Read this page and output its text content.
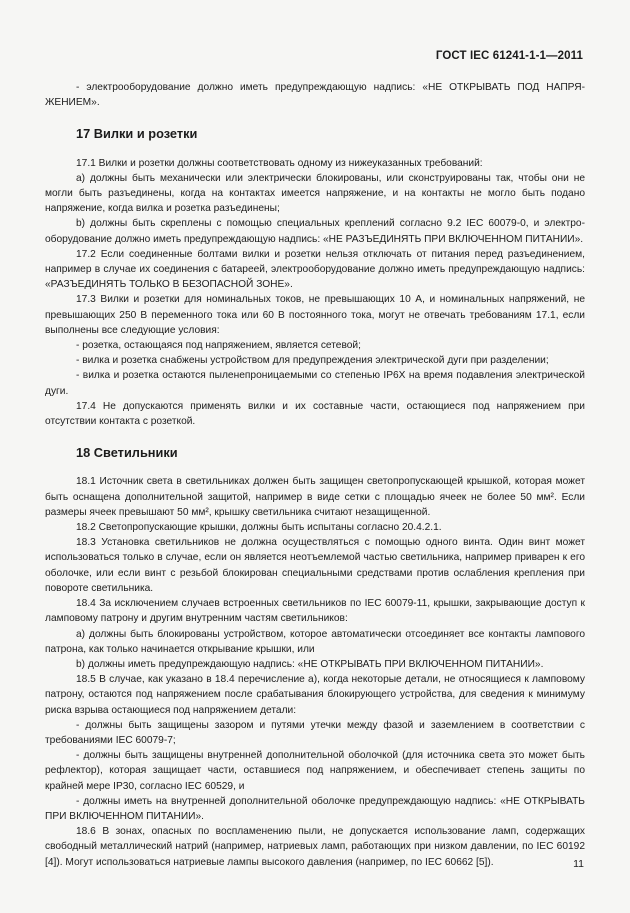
ГОСТ IEC 61241-1-1—2011

- электрооборудование должно иметь предупреждающую надпись: «НЕ ОТКРЫВАТЬ ПОД НАПРЯЖЕНИЕМ».

17 Вилки и розетки

17.1 Вилки и розетки должны соответствовать одному из нижеуказанных требований:

а) должны быть механически или электрически блокированы, или сконструированы так, чтобы они не могли быть разъединены, когда на контактах имеется напряжение, и на контакты не могло быть подано напряжение, когда вилка и розетка разъединены;

b) должны быть скреплены с помощью специальных креплений согласно 9.2 IEC 60079-0, и электрооборудование должно иметь предупреждающую надпись: «НЕ РАЗЪЕДИНЯТЬ ПРИ ВКЛЮЧЕННОМ ПИТАНИИ».

17.2 Если соединенные болтами вилки и розетки нельзя отключать от питания перед разъединением, например в случае их соединения с батареей, электрооборудование должно иметь предупреждающую надпись: «РАЗЪЕДИНЯТЬ ТОЛЬКО В БЕЗОПАСНОЙ ЗОНЕ».

17.3 Вилки и розетки для номинальных токов, не превышающих 10 А, и номинальных напряжений, не превышающих 250 В переменного тока или 60 В постоянного тока, могут не отвечать требованиям 17.1, если выполнены все следующие условия:

- розетка, остающаяся под напряжением, является сетевой;

- вилка и розетка снабжены устройством для предупреждения электрической дуги при разделении;

- вилка и розетка остаются пыленепроницаемыми со степенью IP6X на время подавления электрической дуги.

17.4 Не допускаются применять вилки и их составные части, остающиеся под напряжением при отсутствии контакта с розеткой.

18 Светильники

18.1 Источник света в светильниках должен быть защищен светопропускающей крышкой, которая может быть оснащена дополнительной защитой, например в виде сетки с площадью ячеек не более 50 мм². Если размеры ячеек превышают 50 мм², крышку светильника считают незащищенной.

18.2 Светопропускающие крышки, должны быть испытаны согласно 20.4.2.1.

18.3 Установка светильников не должна осуществляться с помощью одного винта. Один винт может использоваться только в случае, если он является неотъемлемой частью светильника, например приварен к его оболочке, или если винт с резьбой блокирован специальными средствами против ослабления крепления при повороте светильника.

18.4 За исключением случаев встроенных светильников по IEC 60079-11, крышки, закрывающие доступ к ламповому патрону и другим внутренним частям светильников:

а) должны быть блокированы устройством, которое автоматически отсоединяет все контакты лампового патрона, как только начинается открывание крышки, или

b) должны иметь предупреждающую надпись: «НЕ ОТКРЫВАТЬ ПРИ ВКЛЮЧЕННОМ ПИТАНИИ».

18.5 В случае, как указано в 18.4 перечисление а), когда некоторые детали, не относящиеся к ламповому патрону, остаются под напряжением после срабатывания блокирующего устройства, для сведения к минимуму риска взрыва остающиеся под напряжением детали:

- должны быть защищены зазором и путями утечки между фазой и заземлением в соответствии с требованиями IEC 60079-7;

- должны быть защищены внутренней дополнительной оболочкой (для источника света это может быть рефлектор), которая защищает части, оставшиеся под напряжением, и обеспечивает степень защиты по крайней мере IP30, согласно IEC 60529, и

- должны иметь на внутренней дополнительной оболочке предупреждающую надпись: «НЕ ОТКРЫВАТЬ ПРИ ВКЛЮЧЕННОМ ПИТАНИИ».

18.6 В зонах, опасных по воспламенению пыли, не допускается использование ламп, содержащих свободный металлический натрий (например, натриевых ламп, работающих при низком давлении, по IEC 60192 [4]). Могут использоваться натриевые лампы высокого давления (например, по IEC 60662 [5]).	11
